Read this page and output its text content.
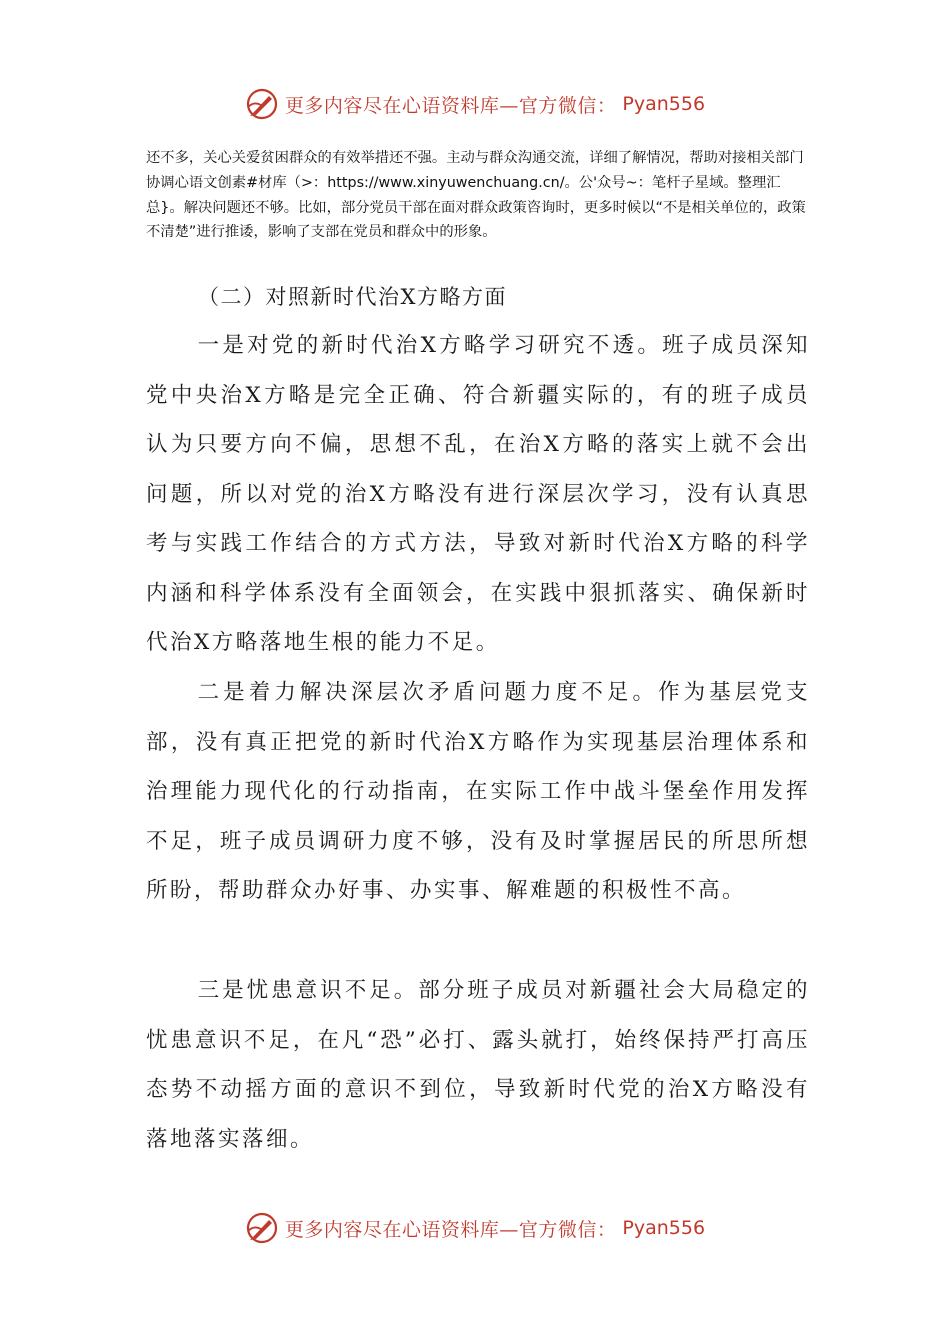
更多内容尽在心语资料库—官方微信： Pyan556

还不多，关心关爱贫困群众的有效举措还不强。主动与群众沟通交流，详细了解情况，帮助对接相关部门协调心语文创素#材库（>：https://www.xinyuwenchuang.cn/。公'众号~：笔杆子星域。整理汇总}。解决问题还不够。比如，部分党员干部在面对群众政策咨询时，更多时候以“不是相关单位的，政策不清楚”进行推诿，影响了支部在党员和群众中的形象。

（二）对照新时代治X方略方面

一是对党的新时代治X方略学习研究不透。班子成员深知党中央治X方略是完全正确、符合新疆实际的，有的班子成员认为只要方向不偏，思想不乱，在治X方略的落实上就不会出问题，所以对党的治X方略没有进行深层次学习，没有认真思考与实践工作结合的方式方法，导致对新时代治X方略的科学内涵和科学体系没有全面领会，在实践中狠抓落实、确保新时代治X方略落地生根的能力不足。

二是着力解决深层次矛盾问题力度不足。作为基层党支部，没有真正把党的新时代治X方略作为实现基层治理体系和治理能力现代化的行动指南，在实际工作中战斗堡垒作用发挥不足，班子成员调研力度不够，没有及时掌握居民的所思所想所盼，帮助群众办好事、办实事、解难题的积极性不高。

三是忧患意识不足。部分班子成员对新疆社会大局稳定的忧患意识不足，在凡“恐”必打、露头就打，始终保持严打高压态势不动摇方面的意识不到位，导致新时代党的治X方略没有落地落实落细。

更多内容尽在心语资料库—官方微信： Pyan556
